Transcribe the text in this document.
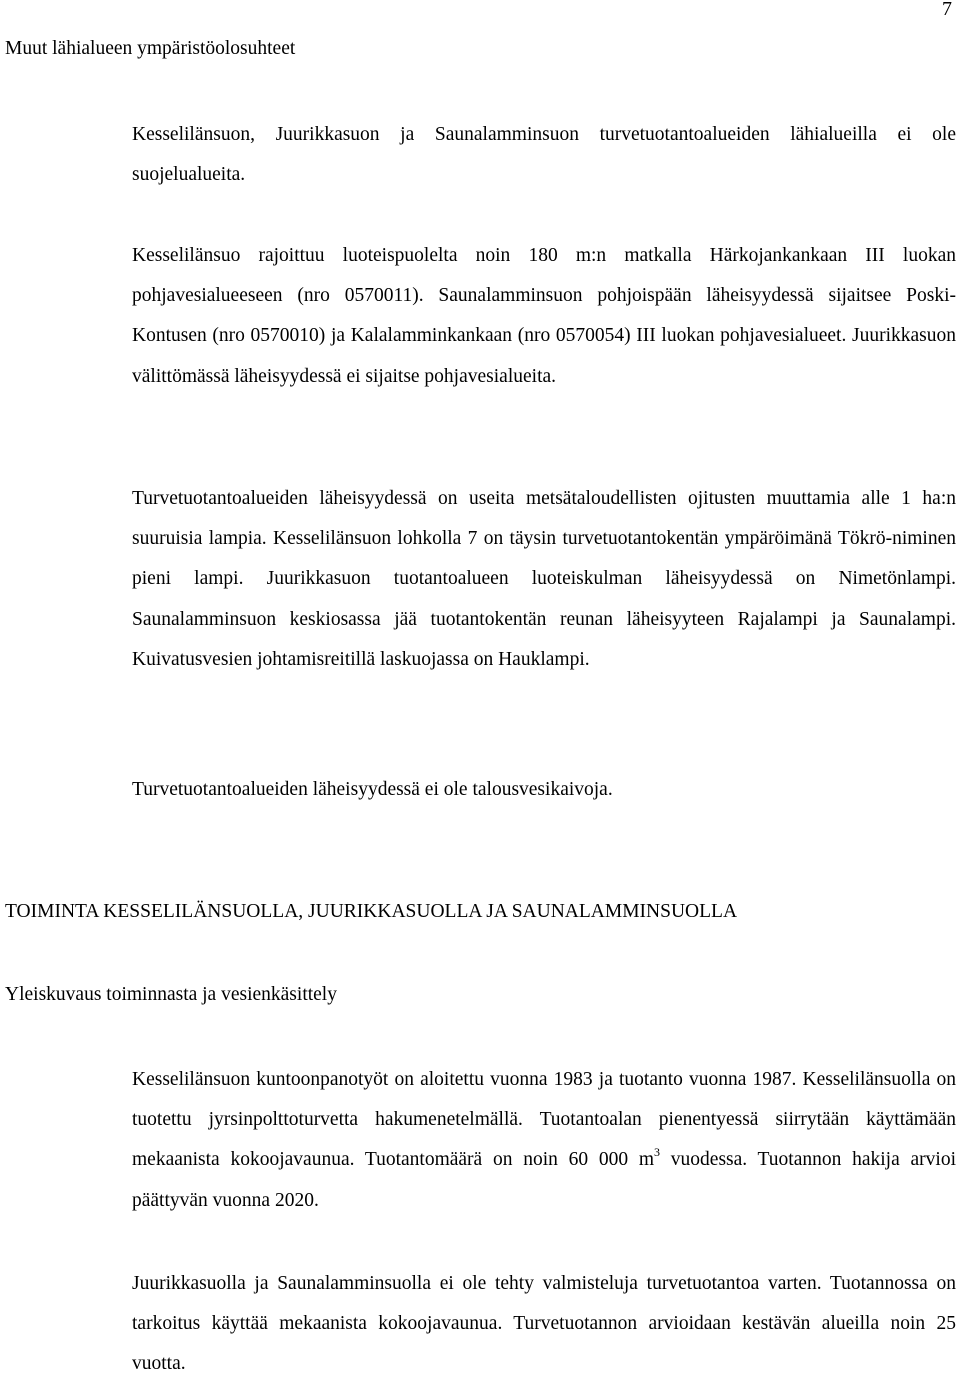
7
Muut lähialueen ympäristöolosuhteet

Kesselilänsuon, Juurikkasuon ja Saunalamminsuon turvetuotantoalueiden lähialueilla ei ole suojelualueita.

Kesselilänsuo rajoittuu luoteispuolelta noin 180 m:n matkalla Härkojankankaan III luokan pohjavesialueeseen (nro 0570011). Saunalamminsuon pohjoispään läheisyydessä sijaitsee Poski-Kontusen (nro 0570010) ja Kalalamminkankaan (nro 0570054) III luokan pohjavesialueet. Juurikkasuon välittömässä läheisyydessä ei sijaitse pohjavesialueita.

Turvetuotantoalueiden läheisyydessä on useita metsätaloudellisten ojitusten muuttamia alle 1 ha:n suuruisia lampia. Kesselilänsuon lohkolla 7 on täysin turvetuotantokentän ympäröimänä Tökrö-niminen pieni lampi. Juurikkasuon tuotantoalueen luoteiskulman läheisyydessä on Nimetönlampi. Saunalamminsuon keskiosassa jää tuotantokentän reunan läheisyyteen Rajalampi ja Saunalampi. Kuivatusvesien johtamisreitillä laskuojassa on Hauklampi.

Turvetuotantoalueiden läheisyydessä ei ole talousvesikaivoja.

TOIMINTA KESSELILÄNSUOLLA, JUURIKKASUOLLA JA SAUNALAMMINSUOLLA
Yleiskuvaus toiminnasta ja vesienkäsittely

Kesselilänsuon kuntoonpanotyöt on aloitettu vuonna 1983 ja tuotanto vuonna 1987. Kesselilänsuolla on tuotettu jyrsinpolttoturvetta hakumenetelmällä. Tuotantoalan pienentyessä siirrytään käyttämään mekaanista kokoojavaunua. Tuotantomäärä on noin 60 000 $m^3$ vuodessa. Tuotannon hakija arvioi päättyvän vuonna 2020.

Juurikkasuolla ja Saunalamminsuolla ei ole tehty valmisteluja turvetuotantoa varten. Tuotannossa on tarkoitus käyttää mekaanista kokoojavaunua. Turvetuotannon arvioidaan kestävän alueilla noin 25 vuotta.
